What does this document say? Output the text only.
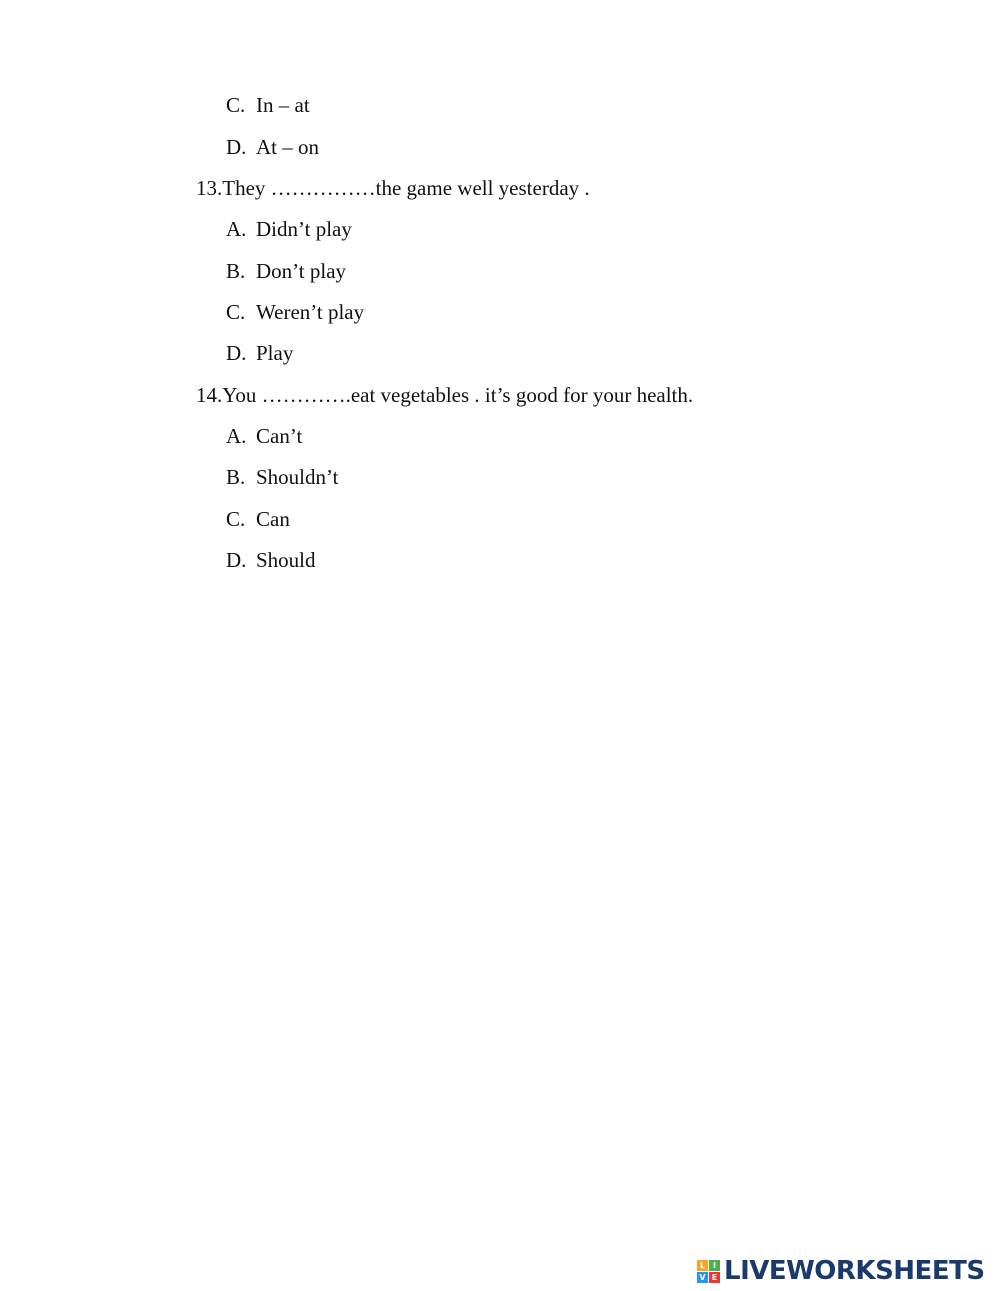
C. In – at
D. At – on
13.They ……………the game well yesterday .
A. Didn’t play
B. Don’t play
C. Weren’t play
D. Play
14.You ………….eat vegetables . it’s good for your health.
A. Can’t
B. Shouldn’t
C. Can
D. Should
L I
V E LIVEWORKSHEETS
